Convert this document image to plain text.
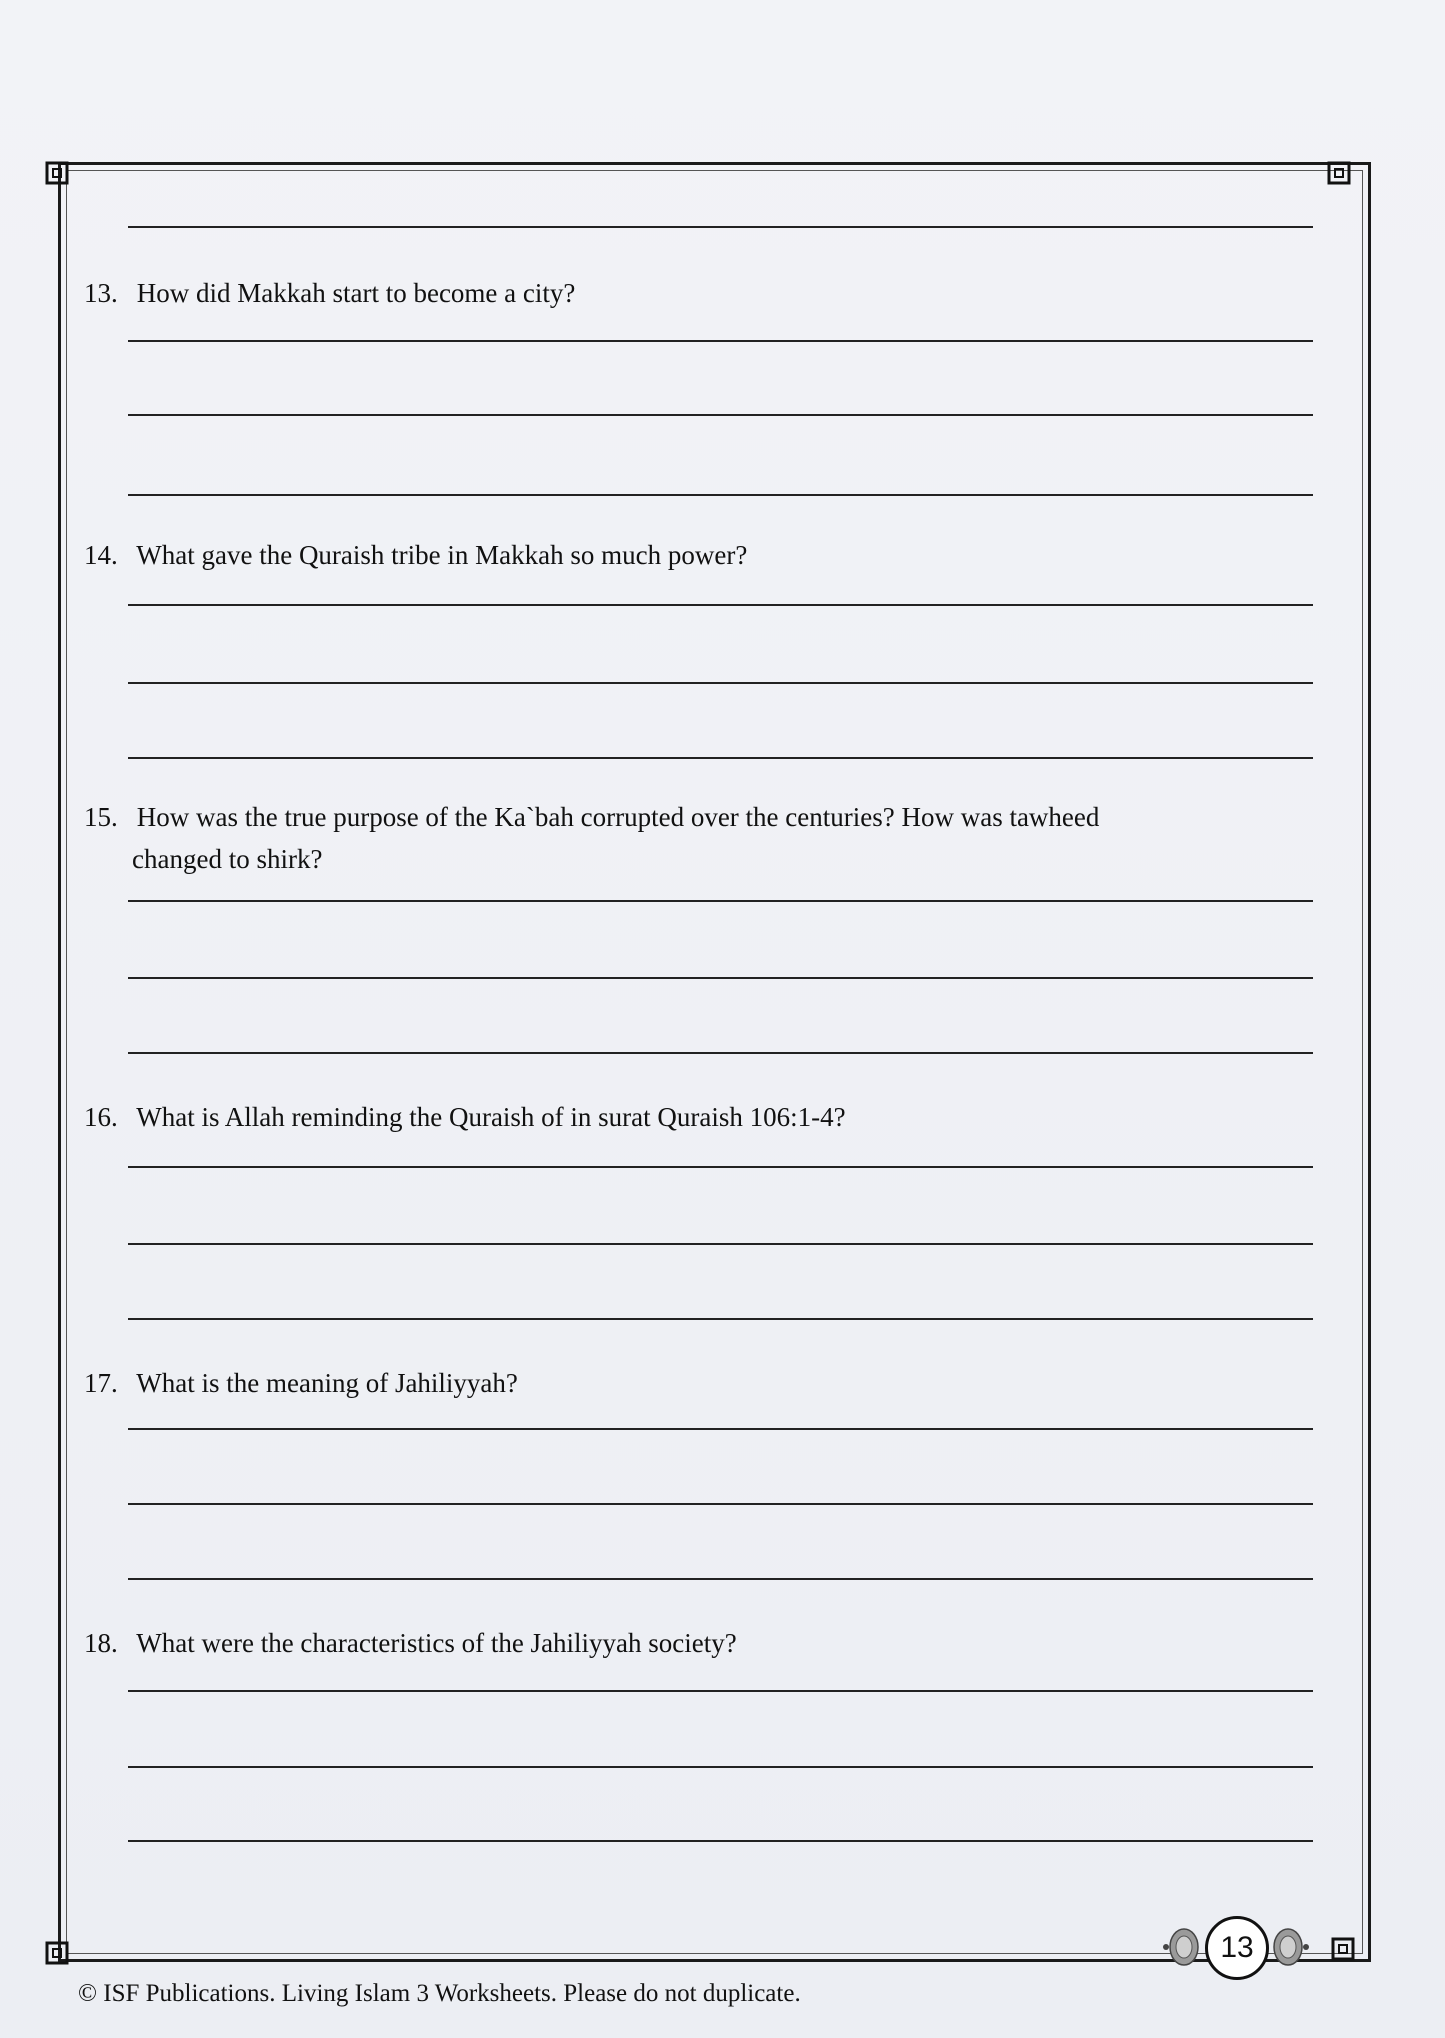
13. How did Makkah start to become a city?
14. What gave the Quraish tribe in Makkah so much power?
15. How was the true purpose of the Ka`bah corrupted over the centuries? How was tawheed
changed to shirk?
16. What is Allah reminding the Quraish of in surat Quraish 106:1-4?
17. What is the meaning of Jahiliyyah?
18. What were the characteristics of the Jahiliyyah society?
13
© ISF Publications. Living Islam 3 Worksheets. Please do not duplicate.
